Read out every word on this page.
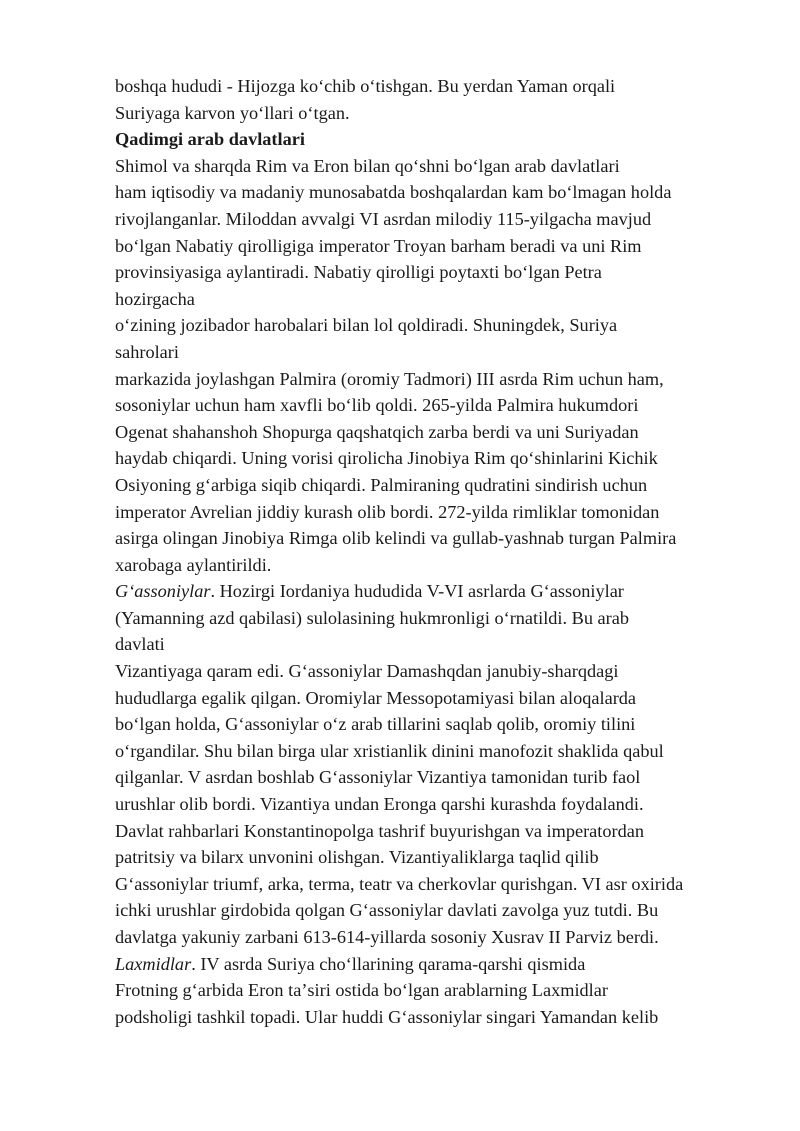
boshqa hududi - Hijozga koʻchib oʻtishgan. Bu yerdan Yaman orqali
Suriyaga karvon yoʻllari oʻtgan.
Qadimgi arab davlatlari
Shimol va sharqda Rim va Eron bilan qoʻshni boʻlgan arab davlatlari
ham iqtisodiy va madaniy munosabatda boshqalardan kam boʻlmagan holda
rivojlanganlar. Miloddan avvalgi VI asrdan milodiy 115-yilgacha mavjud
boʻlgan Nabatiy qirolligiga imperator Troyan barham beradi va uni Rim
provinsiyasiga aylantiradi. Nabatiy qirolligi poytaxti boʻlgan Petra
hozirgacha
oʻzining jozibador harobalari bilan lol qoldiradi. Shuningdek, Suriya
sahrolari
markazida joylashgan Palmira (oromiy Tadmori) III asrda Rim uchun ham,
sosoniylar uchun ham xavfli boʻlib qoldi. 265-yilda Palmira hukumdori
Ogenat shahanshoh Shopurga qaqshatqich zarba berdi va uni Suriyadan
haydab chiqardi. Uning vorisi qirolicha Jinobiya Rim qoʻshinlarini Kichik
Osiyoning gʻarbiga siqib chiqardi. Palmiraning qudratini sindirish uchun
imperator Avrelian jiddiy kurash olib bordi. 272-yilda rimliklar tomonidan
asirga olingan Jinobiya Rimga olib kelindi va gullab-yashnab turgan Palmira
xarobaga aylantirildi.
Gʻassoniylar. Hozirgi Iordaniya hududida V-VI asrlarda Gʻassoniylar
(Yamanning azd qabilasi) sulolasining hukmronligi oʻrnatildi. Bu arab
davlati
Vizantiyaga qaram edi. Gʻassoniylar Damashqdan janubiy-sharqdagi
hududlarga egalik qilgan. Oromiylar Messopotamiyasi bilan aloqalarda
boʻlgan holda, Gʻassoniylar oʻz arab tillarini saqlab qolib, oromiy tilini
oʻrgandilar. Shu bilan birga ular xristianlik dinini manofozit shaklida qabul
qilganlar. V asrdan boshlab Gʻassoniylar Vizantiya tamonidan turib faol
urushlar olib bordi. Vizantiya undan Eronga qarshi kurashda foydalandi.
Davlat rahbarlari Konstantinopolga tashrif buyurishgan va imperatordan
patritsiy va bilarx unvonini olishgan. Vizantiyaliklarga taqlid qilib
Gʻassoniylar triumf, arka, terma, teatr va cherkovlar qurishgan. VI asr oxirida
ichki urushlar girdobida qolgan Gʻassoniylar davlati zavolga yuz tutdi. Bu
davlatga yakuniy zarbani 613-614-yillarda sosoniy Xusrav II Parviz berdi.
Laxmidlar. IV asrda Suriya choʻllarining qarama-qarshi qismida
Frotning gʻarbida Eron taʼsiri ostida boʻlgan arablarning Laxmidlar
podsholigi tashkil topadi. Ular huddi Gʻassoniylar singari Yamandan kelib
